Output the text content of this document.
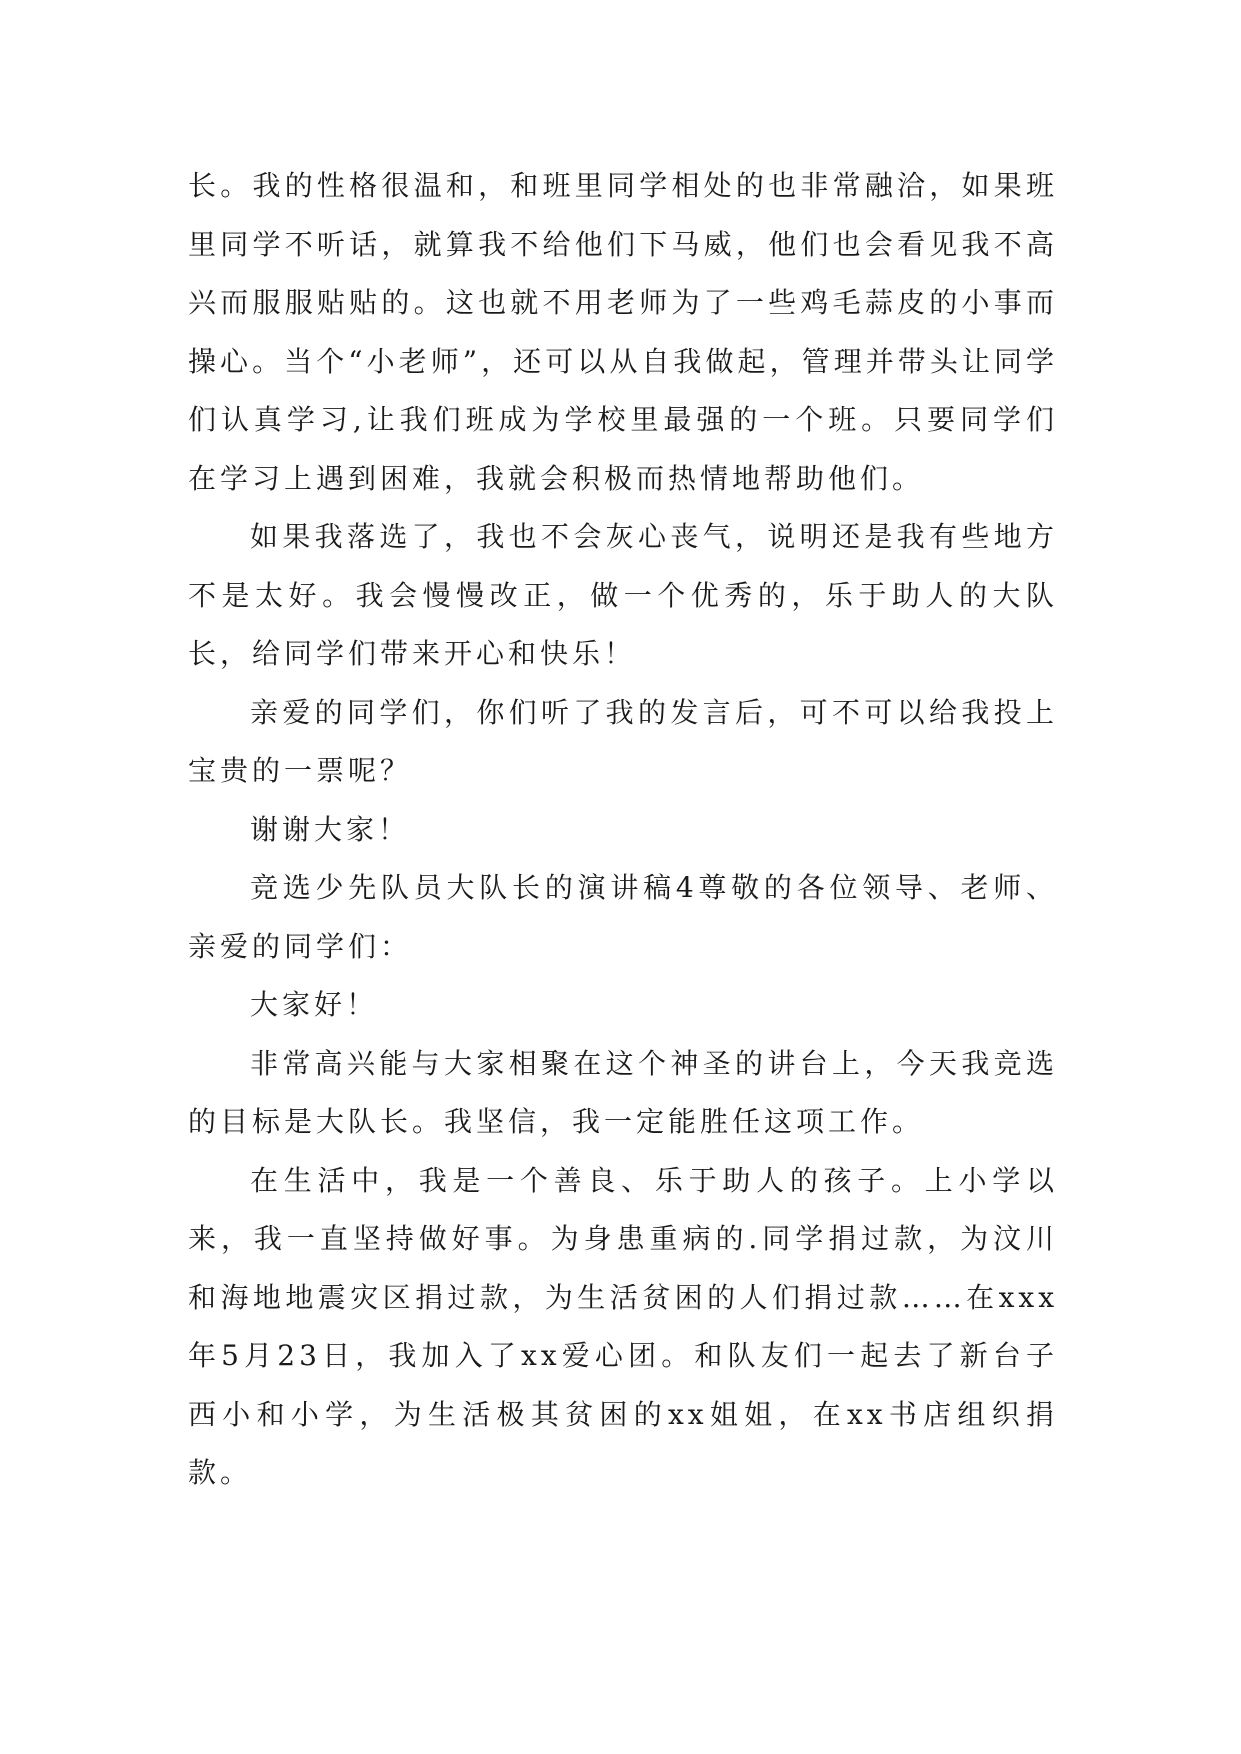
长。我的性格很温和，和班里同学相处的也非常融洽，如果班里同学不听话，就算我不给他们下马威，他们也会看见我不高兴而服服贴贴的。这也就不用老师为了一些鸡毛蒜皮的小事而操心。当个“小老师”，还可以从自我做起，管理并带头让同学们认真学习,让我们班成为学校里最强的一个班。只要同学们在学习上遇到困难，我就会积极而热情地帮助他们。

如果我落选了，我也不会灰心丧气，说明还是我有些地方不是太好。我会慢慢改正，做一个优秀的，乐于助人的大队长，给同学们带来开心和快乐！

亲爱的同学们，你们听了我的发言后，可不可以给我投上宝贵的一票呢？

谢谢大家！

竞选少先队员大队长的演讲稿4尊敬的各位领导、老师、亲爱的同学们：

大家好！

非常高兴能与大家相聚在这个神圣的讲台上，今天我竞选的目标是大队长。我坚信，我一定能胜任这项工作。

在生活中，我是一个善良、乐于助人的孩子。上小学以来，我一直坚持做好事。为身患重病的.同学捐过款，为汶川和海地地震灾区捐过款，为生活贫困的人们捐过款……在xxx年5月23日，我加入了xx爱心团。和队友们一起去了新台子西小和小学，为生活极其贫困的xx姐姐，在xx书店组织捐款。
